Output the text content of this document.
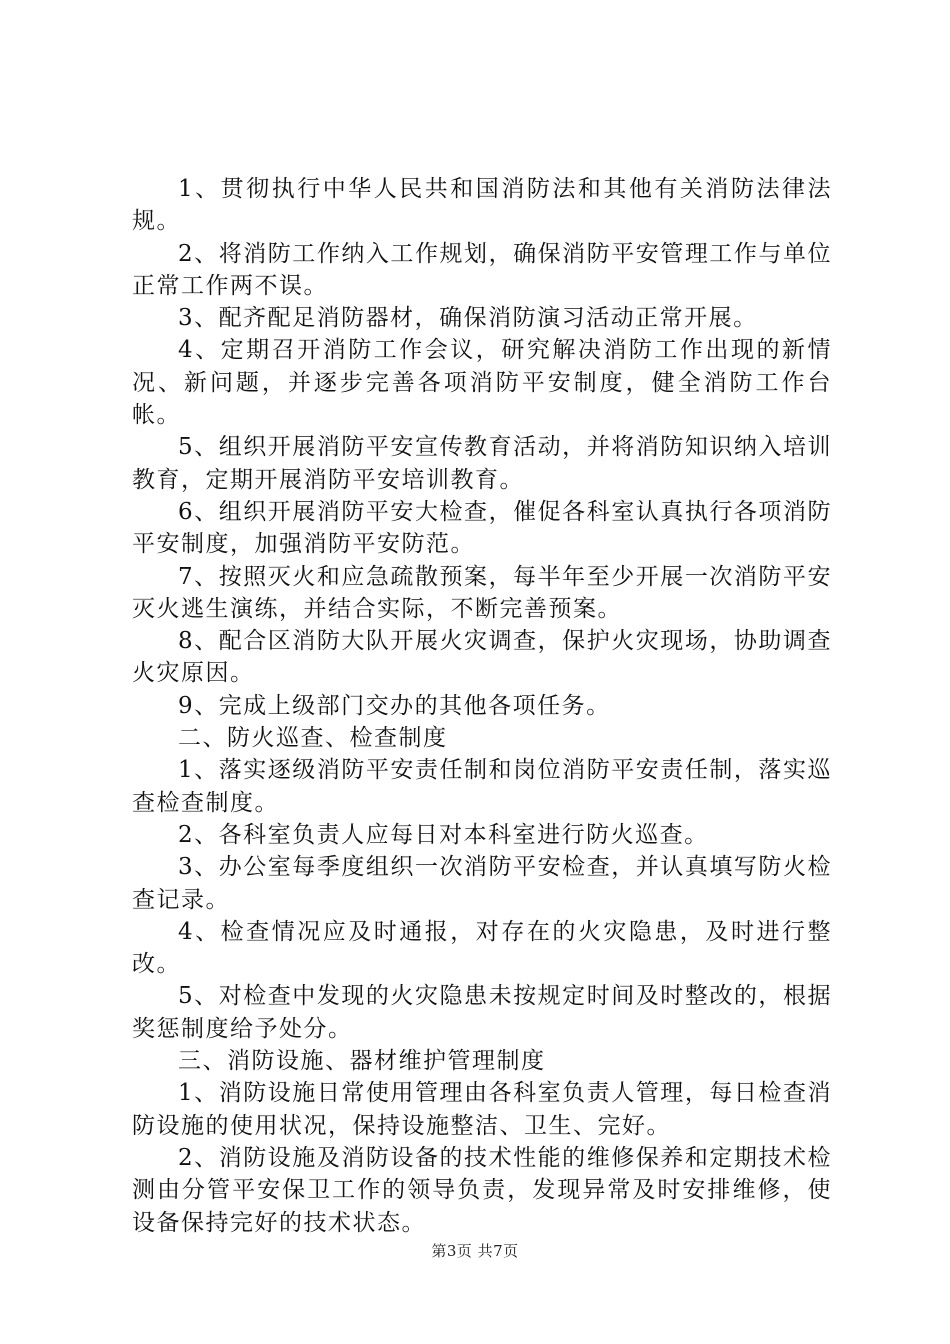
1、贯彻执行中华人民共和国消防法和其他有关消防法律法规。

2、将消防工作纳入工作规划，确保消防平安管理工作与单位正常工作两不误。

3、配齐配足消防器材，确保消防演习活动正常开展。

4、定期召开消防工作会议，研究解决消防工作出现的新情况、新问题，并逐步完善各项消防平安制度，健全消防工作台帐。

5、组织开展消防平安宣传教育活动，并将消防知识纳入培训教育，定期开展消防平安培训教育。

6、组织开展消防平安大检查，催促各科室认真执行各项消防平安制度，加强消防平安防范。

7、按照灭火和应急疏散预案，每半年至少开展一次消防平安灭火逃生演练，并结合实际，不断完善预案。

8、配合区消防大队开展火灾调查，保护火灾现场，协助调查火灾原因。

9、完成上级部门交办的其他各项任务。

二、防火巡查、检查制度

1、落实逐级消防平安责任制和岗位消防平安责任制，落实巡查检查制度。

2、各科室负责人应每日对本科室进行防火巡查。

3、办公室每季度组织一次消防平安检查，并认真填写防火检查记录。

4、检查情况应及时通报，对存在的火灾隐患，及时进行整改。

5、对检查中发现的火灾隐患未按规定时间及时整改的，根据奖惩制度给予处分。

三、消防设施、器材维护管理制度

1、消防设施日常使用管理由各科室负责人管理，每日检查消防设施的使用状况，保持设施整洁、卫生、完好。

2、消防设施及消防设备的技术性能的维修保养和定期技术检测由分管平安保卫工作的领导负责，发现异常及时安排维修，使设备保持完好的技术状态。

第3页 共7页
